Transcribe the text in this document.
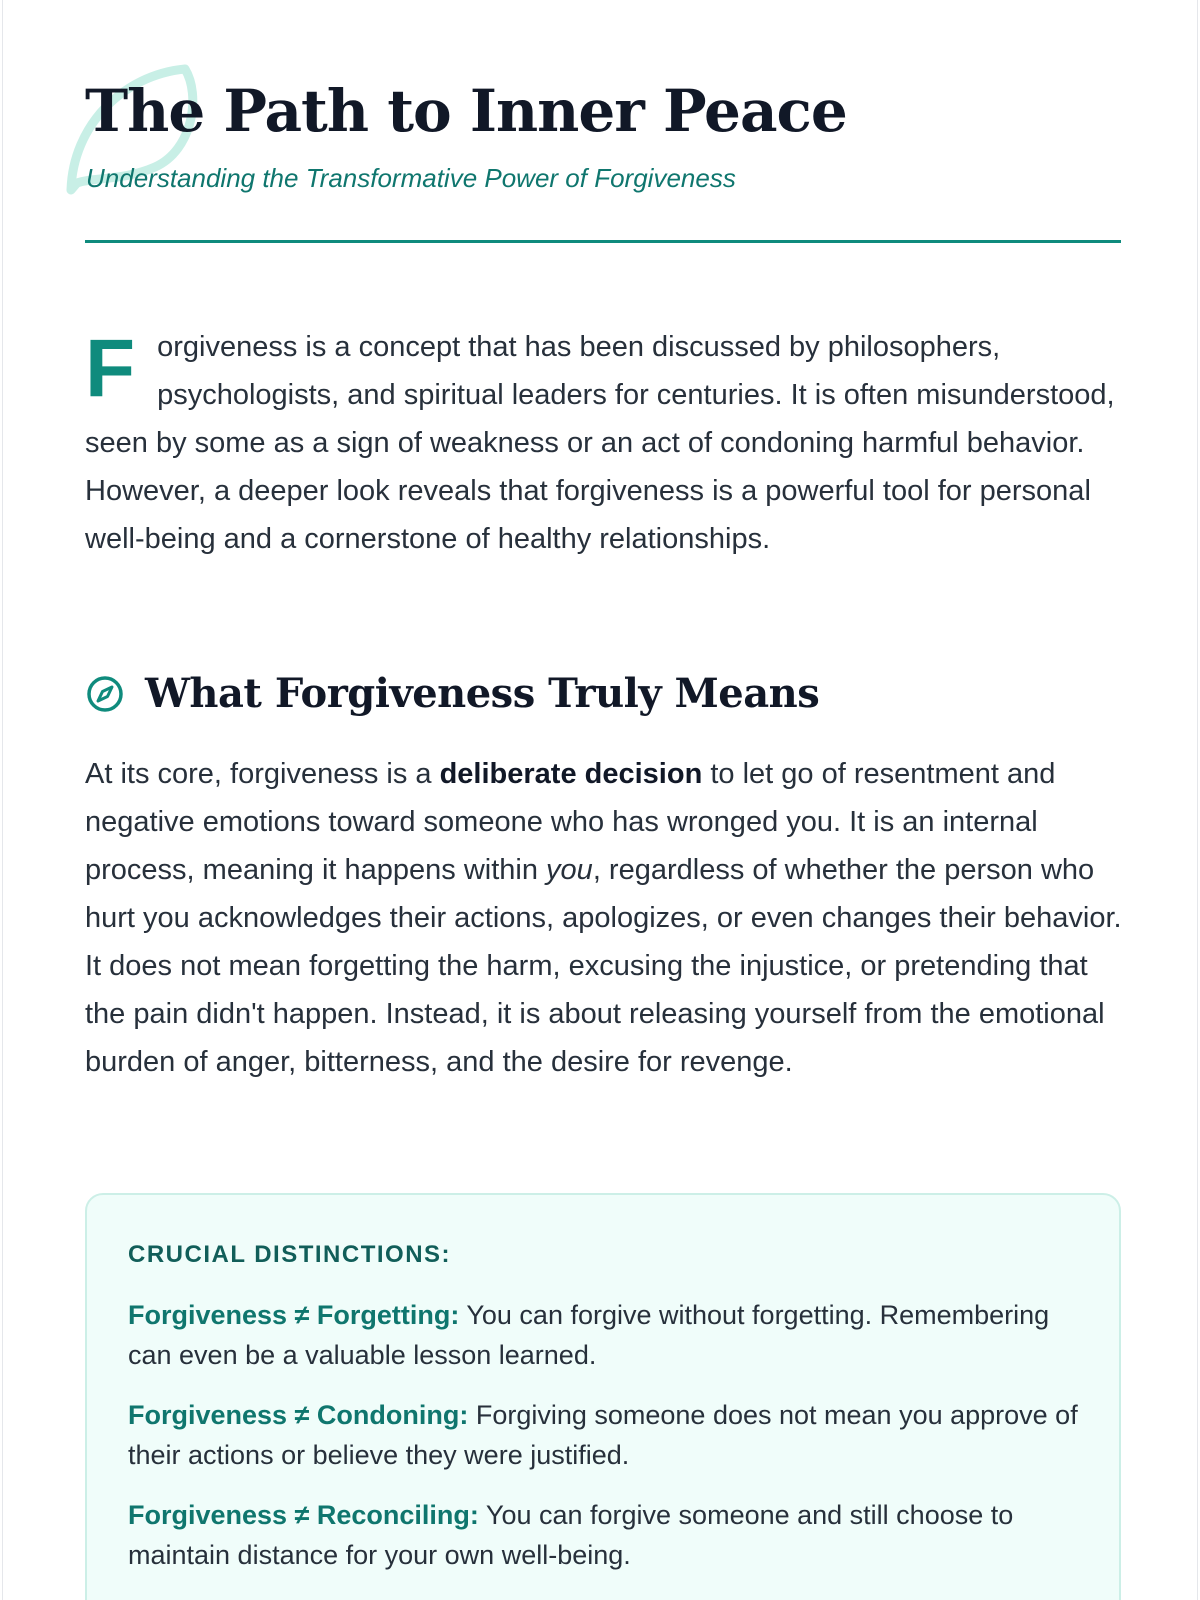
The Path to Inner Peace

Understanding the Transformative Power of Forgiveness

Forgiveness is a concept that has been discussed by philosophers, psychologists, and spiritual leaders for centuries. It is often misunderstood, seen by some as a sign of weakness or an act of condoning harmful behavior. However, a deeper look reveals that forgiveness is a powerful tool for personal well-being and a cornerstone of healthy relationships.

What Forgiveness Truly Means

At its core, forgiveness is a deliberate decision to let go of resentment and negative emotions toward someone who has wronged you. It is an internal process, meaning it happens within you, regardless of whether the person who hurt you acknowledges their actions, apologizes, or even changes their behavior. It does not mean forgetting the harm, excusing the injustice, or pretending that the pain didn't happen. Instead, it is about releasing yourself from the emotional burden of anger, bitterness, and the desire for revenge.

CRUCIAL DISTINCTIONS:

Forgiveness ≠ Forgetting: You can forgive without forgetting. Remembering can even be a valuable lesson learned.

Forgiveness ≠ Condoning: Forgiving someone does not mean you approve of their actions or believe they were justified.

Forgiveness ≠ Reconciling: You can forgive someone and still choose to maintain distance for your own well-being.
